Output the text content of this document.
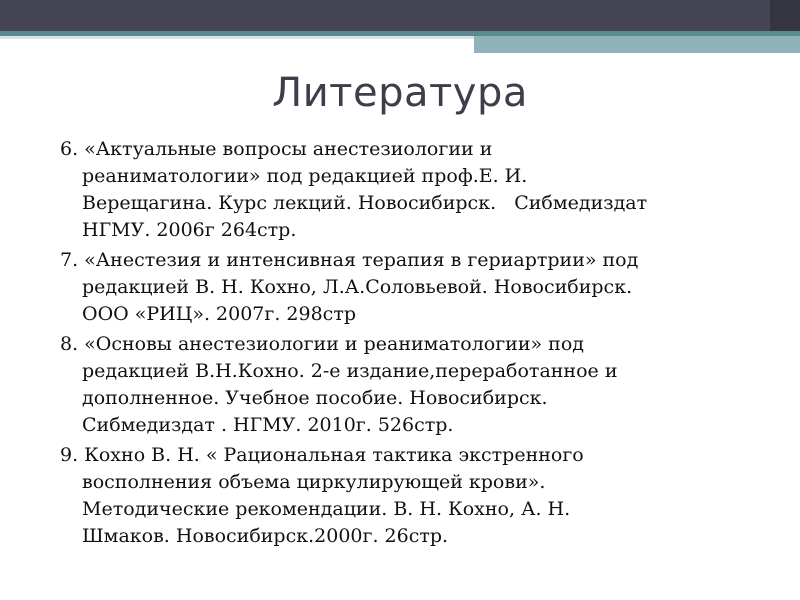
Литература
6. «Актуальные вопросы анестезиологии и
реаниматологии» под редакцией проф.Е. И.
Верещагина. Курс лекций. Новосибирск.   Сибмедиздат
НГМУ. 2006г 264стр.
7. «Анестезия и интенсивная терапия в гериартрии» под
редакцией В. Н. Кохно, Л.А.Соловьевой. Новосибирск.
ООО «РИЦ». 2007г. 298стр
8. «Основы анестезиологии и реаниматологии» под
редакцией В.Н.Кохно. 2-е издание,переработанное и
дополненное. Учебное пособие. Новосибирск.
Сибмедиздат . НГМУ. 2010г. 526стр.
9. Кохно В. Н. « Рациональная тактика экстренного
восполнения объема циркулирующей крови».
Методические рекомендации. В. Н. Кохно, А. Н.
Шмаков. Новосибирск.2000г. 26стр.
